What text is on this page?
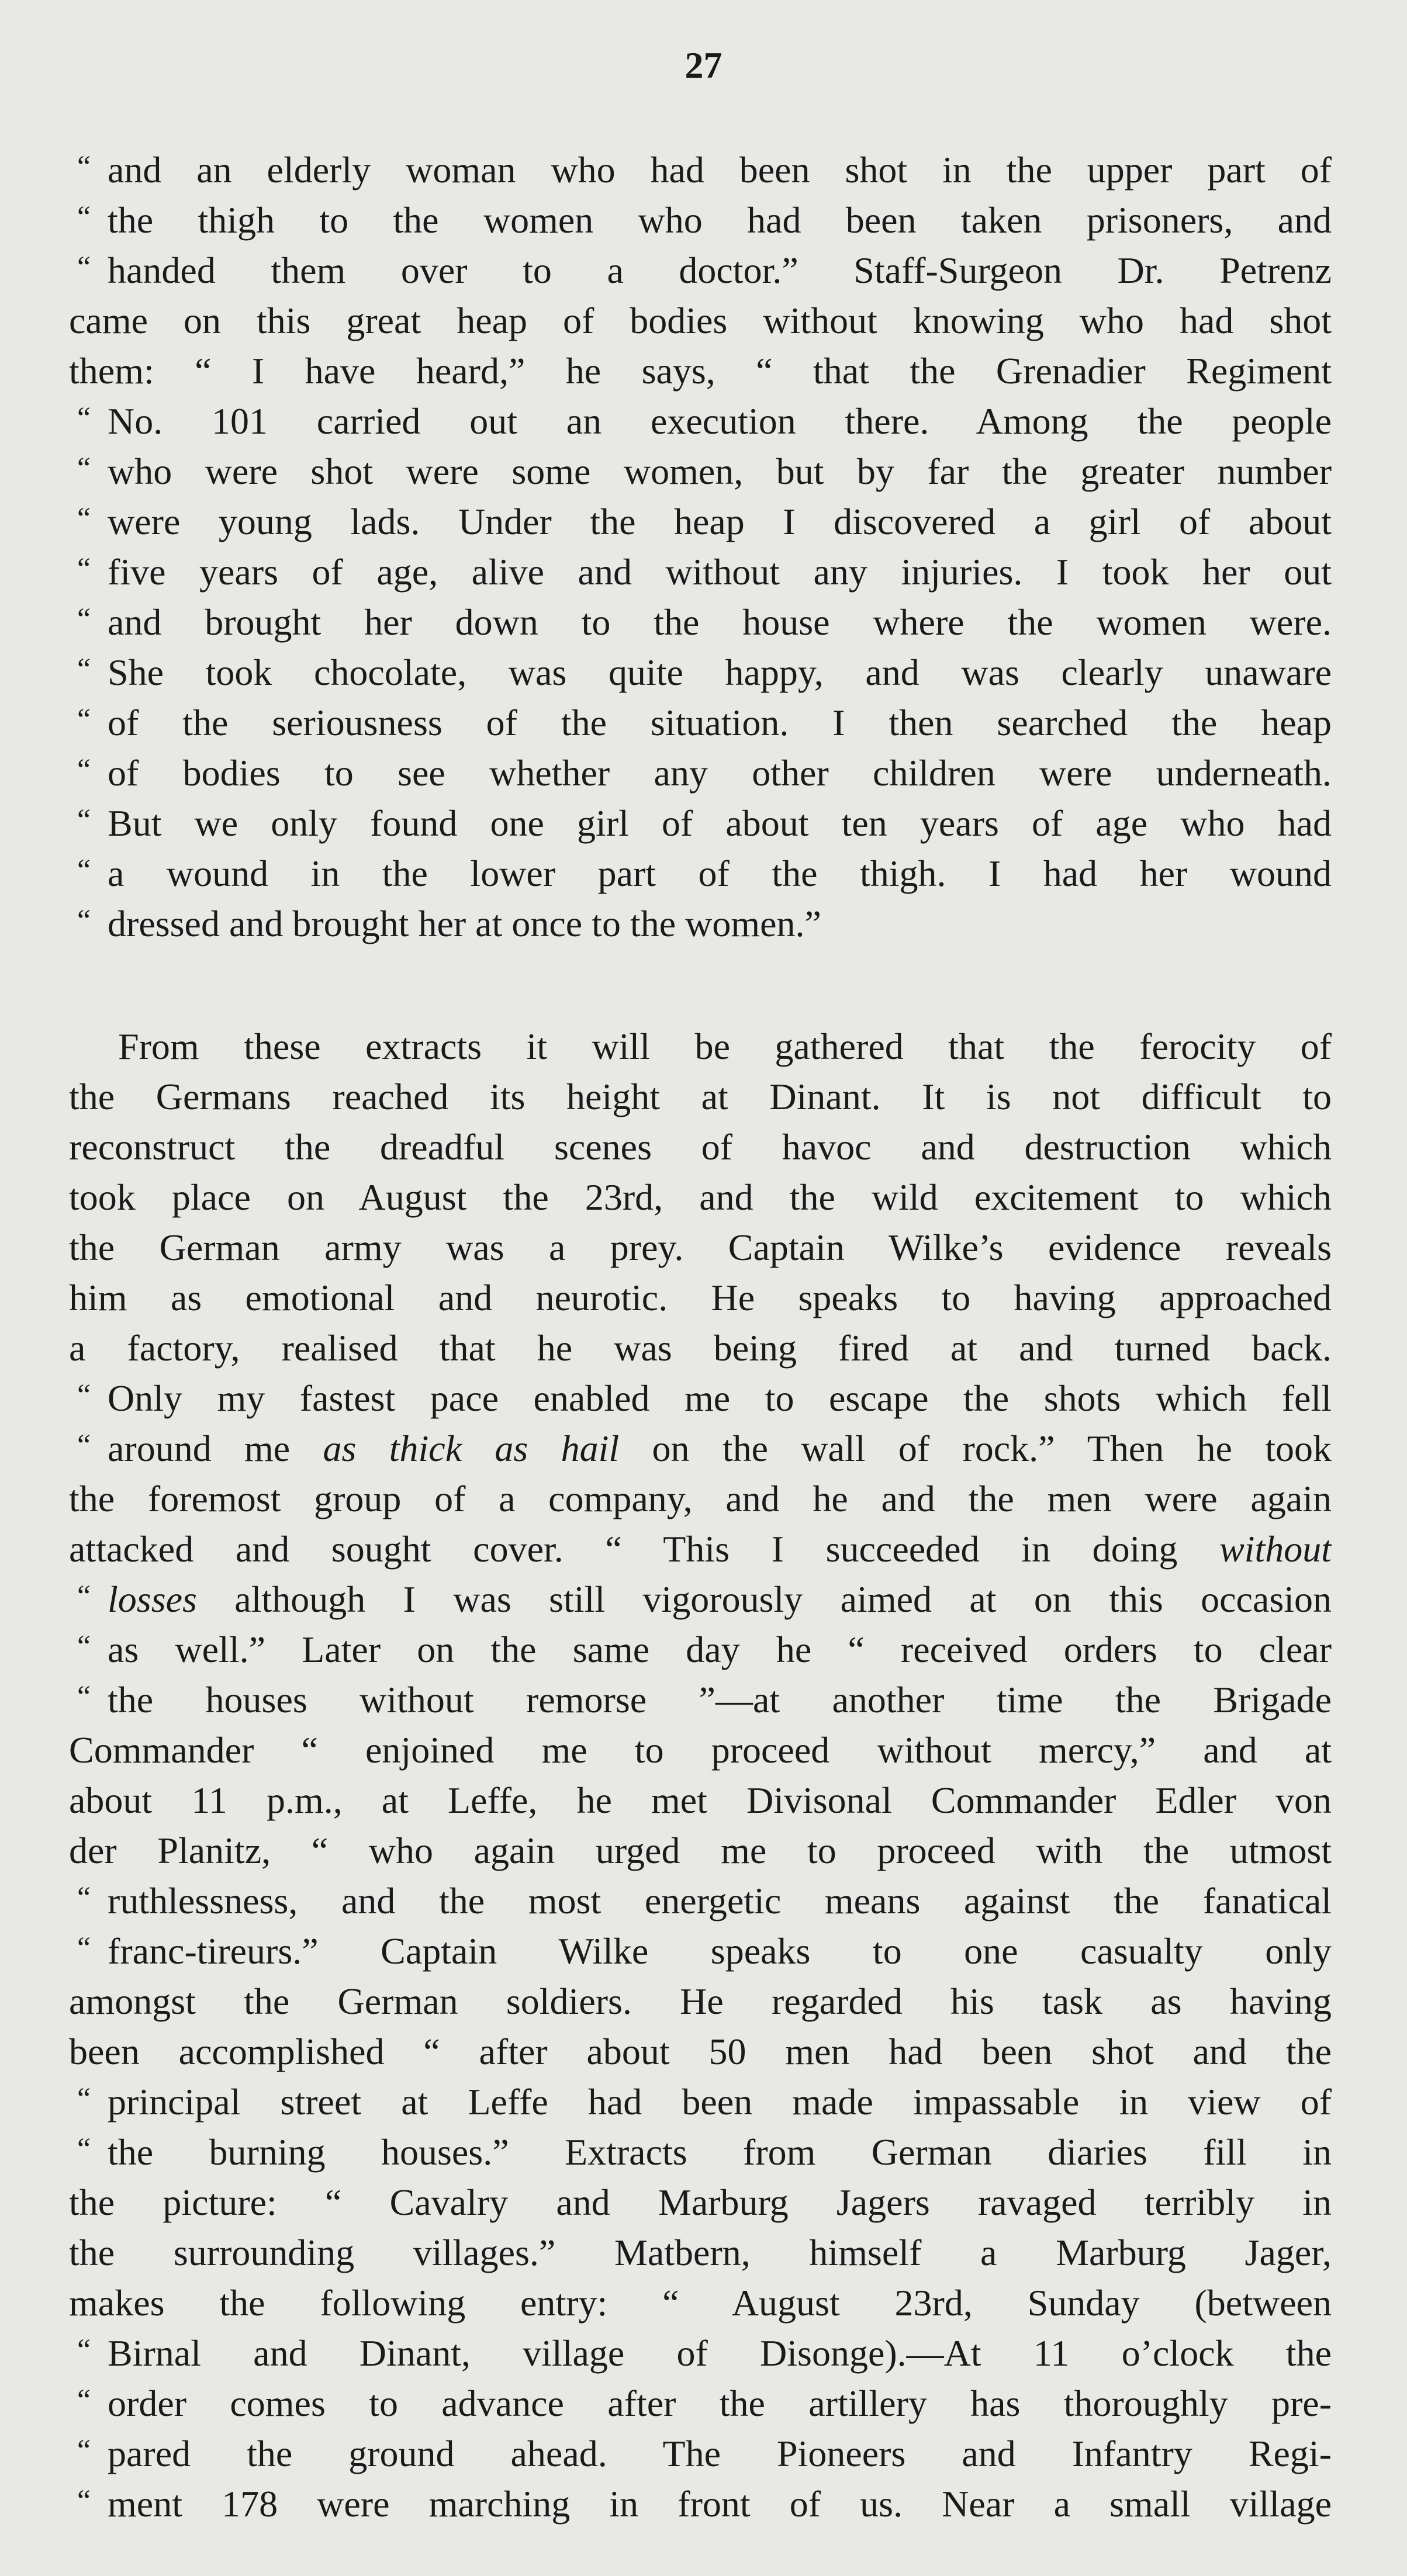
27
“ and an elderly woman who had been shot in the upper part of
“ the thigh to the women who had been taken prisoners, and
“ handed them over to a doctor.” Staff-Surgeon Dr. Petrenz
came on this great heap of bodies without knowing who had shot
them: “ I have heard,” he says, “ that the Grenadier Regiment
“ No. 101 carried out an execution there. Among the people
“ who were shot were some women, but by far the greater number
“ were young lads. Under the heap I discovered a girl of about
“ five years of age, alive and without any injuries. I took her out
“ and brought her down to the house where the women were.
“ She took chocolate, was quite happy, and was clearly unaware
“ of the seriousness of the situation. I then searched the heap
“ of bodies to see whether any other children were underneath.
“ But we only found one girl of about ten years of age who had
“ a wound in the lower part of the thigh. I had her wound
“ dressed and brought her at once to the women.”
From these extracts it will be gathered that the ferocity of
the Germans reached its height at Dinant. It is not difficult to
reconstruct the dreadful scenes of havoc and destruction which
took place on August the 23rd, and the wild excitement to which
the German army was a prey. Captain Wilke’s evidence reveals
him as emotional and neurotic. He speaks to having approached
a factory, realised that he was being fired at and turned back.
“ Only my fastest pace enabled me to escape the shots which fell
“ around me as thick as hail on the wall of rock.” Then he took
the foremost group of a company, and he and the men were again
attacked and sought cover. “ This I succeeded in doing without
“ losses although I was still vigorously aimed at on this occasion
“ as well.” Later on the same day he “ received orders to clear
“ the houses without remorse ”—at another time the Brigade
Commander “ enjoined me to proceed without mercy,” and at
about 11 p.m., at Leffe, he met Divisonal Commander Edler von
der Planitz, “ who again urged me to proceed with the utmost
“ ruthlessness, and the most energetic means against the fanatical
“ franc-tireurs.” Captain Wilke speaks to one casualty only
amongst the German soldiers. He regarded his task as having
been accomplished “ after about 50 men had been shot and the
“ principal street at Leffe had been made impassable in view of
“ the burning houses.” Extracts from German diaries fill in
the picture: “ Cavalry and Marburg Jagers ravaged terribly in
the surrounding villages.” Matbern, himself a Marburg Jager,
makes the following entry: “ August 23rd, Sunday (between
“ Birnal and Dinant, village of Disonge).—At 11 o’clock the
“ order comes to advance after the artillery has thoroughly pre-
“ pared the ground ahead. The Pioneers and Infantry Regi-
“ ment 178 were marching in front of us. Near a small village
